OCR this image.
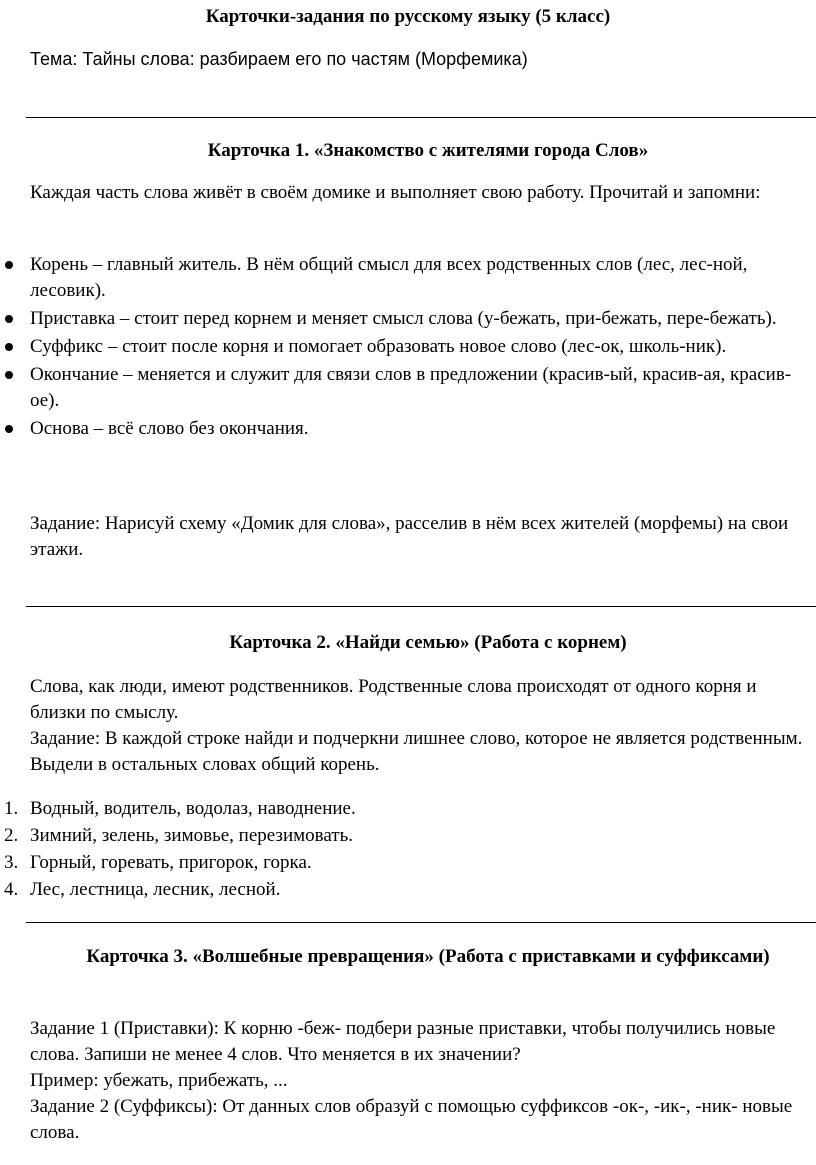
Карточки-задания по русскому языку (5 класс)
Тема: Тайны слова: разбираем его по частям (Морфемика)
Карточка 1. «Знакомство с жителями города Слов»
Каждая часть слова живёт в своём домике и выполняет свою работу. Прочитай и запомни:
Корень – главный житель. В нём общий смысл для всех родственных слов (лес, лес-ной, лесовик).
Приставка – стоит перед корнем и меняет смысл слова (у-бежать, при-бежать, пере-бежать).
Суффикс – стоит после корня и помогает образовать новое слово (лес-ок, школь-ник).
Окончание – меняется и служит для связи слов в предложении (красив-ый, красив-ая, красив-ое).
Основа – всё слово без окончания.
Задание: Нарисуй схему «Домик для слова», расселив в нём всех жителей (морфемы) на свои этажи.
Карточка 2. «Найди семью» (Работа с корнем)
Слова, как люди, имеют родственников. Родственные слова происходят от одного корня и близки по смыслу.
Задание: В каждой строке найди и подчеркни лишнее слово, которое не является родственным. Выдели в остальных словах общий корень.
1. Водный, водитель, водолаз, наводнение.
2. Зимний, зелень, зимовье, перезимовать.
3. Горный, горевать, пригорок, горка.
4. Лес, лестница, лесник, лесной.
Карточка 3. «Волшебные превращения» (Работа с приставками и суффиксами)
Задание 1 (Приставки): К корню -беж- подбери разные приставки, чтобы получились новые слова. Запиши не менее 4 слов. Что меняется в их значении?
Пример: убежать, прибежать, ...
Задание 2 (Суффиксы): От данных слов образуй с помощью суффиксов -ок-, -ик-, -ник- новые слова.
